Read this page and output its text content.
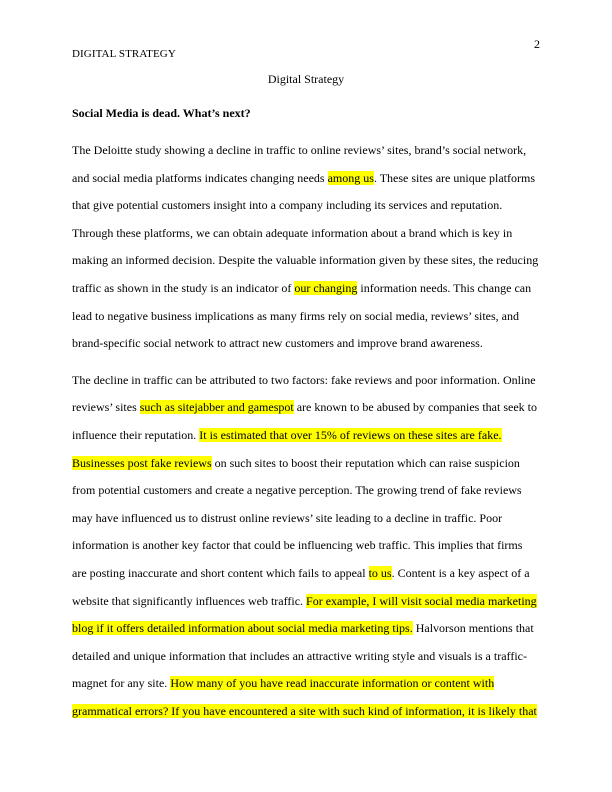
2
DIGITAL STRATEGY
Digital Strategy
Social Media is dead. What’s next?

The Deloitte study showing a decline in traffic to online reviews’ sites, brand’s social network,
and social media platforms indicates changing needs among us. These sites are unique platforms
that give potential customers insight into a company including its services and reputation.
Through these platforms, we can obtain adequate information about a brand which is key in
making an informed decision. Despite the valuable information given by these sites, the reducing
traffic as shown in the study is an indicator of our changing information needs. This change can
lead to negative business implications as many firms rely on social media, reviews’ sites, and
brand-specific social network to attract new customers and improve brand awareness.

The decline in traffic can be attributed to two factors: fake reviews and poor information. Online
reviews’ sites such as sitejabber and gamespot are known to be abused by companies that seek to
influence their reputation. It is estimated that over 15% of reviews on these sites are fake.
Businesses post fake reviews on such sites to boost their reputation which can raise suspicion
from potential customers and create a negative perception. The growing trend of fake reviews
may have influenced us to distrust online reviews’ site leading to a decline in traffic. Poor
information is another key factor that could be influencing web traffic. This implies that firms
are posting inaccurate and short content which fails to appeal to us. Content is a key aspect of a
website that significantly influences web traffic. For example, I will visit social media marketing
blog if it offers detailed information about social media marketing tips. Halvorson mentions that
detailed and unique information that includes an attractive writing style and visuals is a traffic-
magnet for any site. How many of you have read inaccurate information or content with
grammatical errors? If you have encountered a site with such kind of information, it is likely that
